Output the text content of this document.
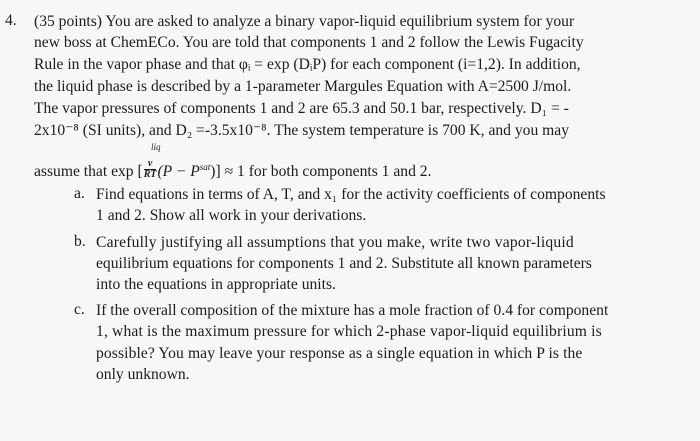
4. (35 points) You are asked to analyze a binary vapor-liquid equilibrium system for your
new boss at ChemECo. You are told that components 1 and 2 follow the Lewis Fugacity
Rule in the vapor phase and that φᵢ = exp (DᵢP) for each component (i=1,2). In addition,
the liquid phase is described by a 1-parameter Margules Equation with A=2500 J/mol.
The vapor pressures of components 1 and 2 are 65.3 and 50.1 bar, respectively. D₁ = -
2x10⁻⁸ (SI units), and D₂ =-3.5x10⁻⁸. The system temperature is 700 K, and you may
liq
assume that exp [ $\frac{v}{RT} (P - P^{sat})] \approx 1$ for both components 1 and 2.
a. Find equations in terms of A, T, and x₁ for the activity coefficients of components
1 and 2. Show all work in your derivations.
b. Carefully justifying all assumptions that you make, write two vapor-liquid
equilibrium equations for components 1 and 2. Substitute all known parameters
into the equations in appropriate units.
c. If the overall composition of the mixture has a mole fraction of 0.4 for component
1, what is the maximum pressure for which 2-phase vapor-liquid equilibrium is
possible? You may leave your response as a single equation in which P is the
only unknown.
